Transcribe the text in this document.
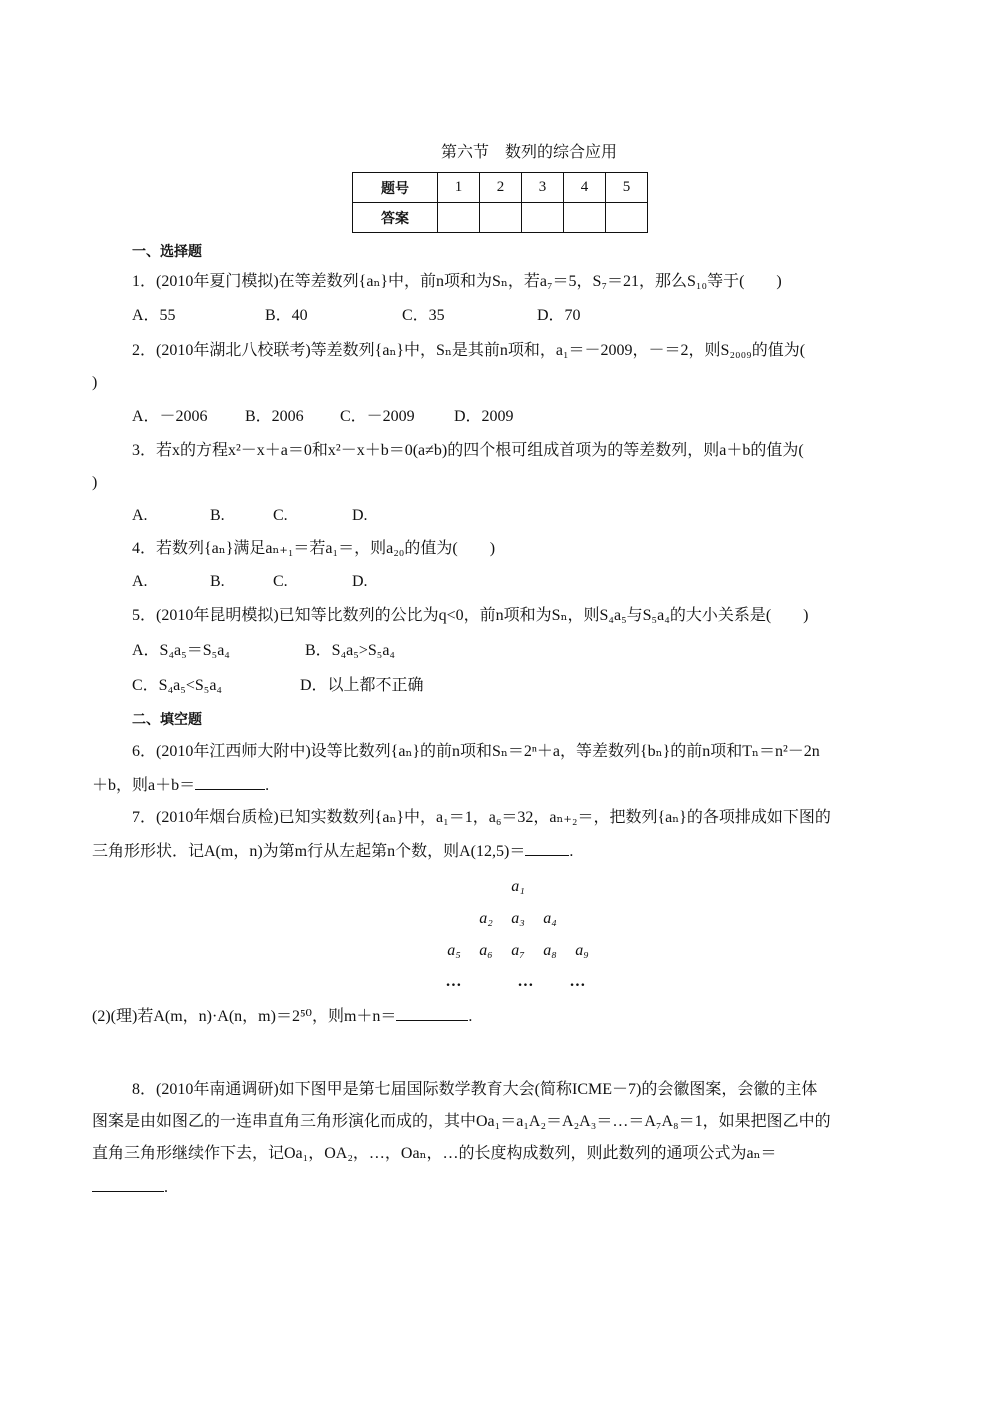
第六节　数列的综合应用
题号	1	2	3	4	5
答案					
一、选择题
1．(2010年夏门模拟)在等差数列{aₙ}中，前n项和为Sₙ，若a₇＝5，S₇＝21，那么S₁₀等于(　　)
A．55	B．40	C．35	D．70
2．(2010年湖北八校联考)等差数列{aₙ}中，Sₙ是其前n项和，a₁＝－2009，－＝2，则S₂₀₀₉的值为(
)
A．－2006 B．2006 C．－2009 D．2009
3．若x的方程x²－x＋a＝0和x²－x＋b＝0(a≠b)的四个根可组成首项为的等差数列，则a＋b的值为(
)
A.	B.	C.	D.
4．若数列{aₙ}满足aₙ₊₁＝若a₁＝，则a₂₀的值为(　　)
A.	B.	C.	D.
5．(2010年昆明模拟)已知等比数列的公比为q<0，前n项和为Sₙ，则S₄a₅与S₅a₄的大小关系是(　　)
A．S₄a₅＝S₅a₄	B．S₄a₅>S₅a₄
C．S₄a₅<S₅a₄	D．以上都不正确
二、填空题
6．(2010年江西师大附中)设等比数列{aₙ}的前n项和Sₙ＝2ⁿ＋a，等差数列{bₙ}的前n项和Tₙ＝n²－2n
＋b，则a＋b＝	.
7．(2010年烟台质检)已知实数数列{aₙ}中，a₁＝1，a₆＝32，aₙ₊₂＝，把数列{aₙ}的各项排成如下图的
三角形形状．记A(m，n)为第m行从左起第n个数，则A(12,5)＝	.
a₁
a₂	a₃	a₄
a₅	a₆	a₇	a₈	a₉
…	…	…
(2)(理)若A(m，n)·A(n，m)＝2⁵⁰，则m＋n＝	.
8．(2010年南通调研)如下图甲是第七届国际数学教育大会(简称ICME－7)的会徽图案，会徽的主体
图案是由如图乙的一连串直角三角形演化而成的，其中Oa₁＝a₁A₂＝A₂A₃＝…＝A₇A₈＝1，如果把图乙中的
直角三角形继续作下去，记Oa₁，OA₂，…，Oaₙ，…的长度构成数列，则此数列的通项公式为aₙ＝
.
